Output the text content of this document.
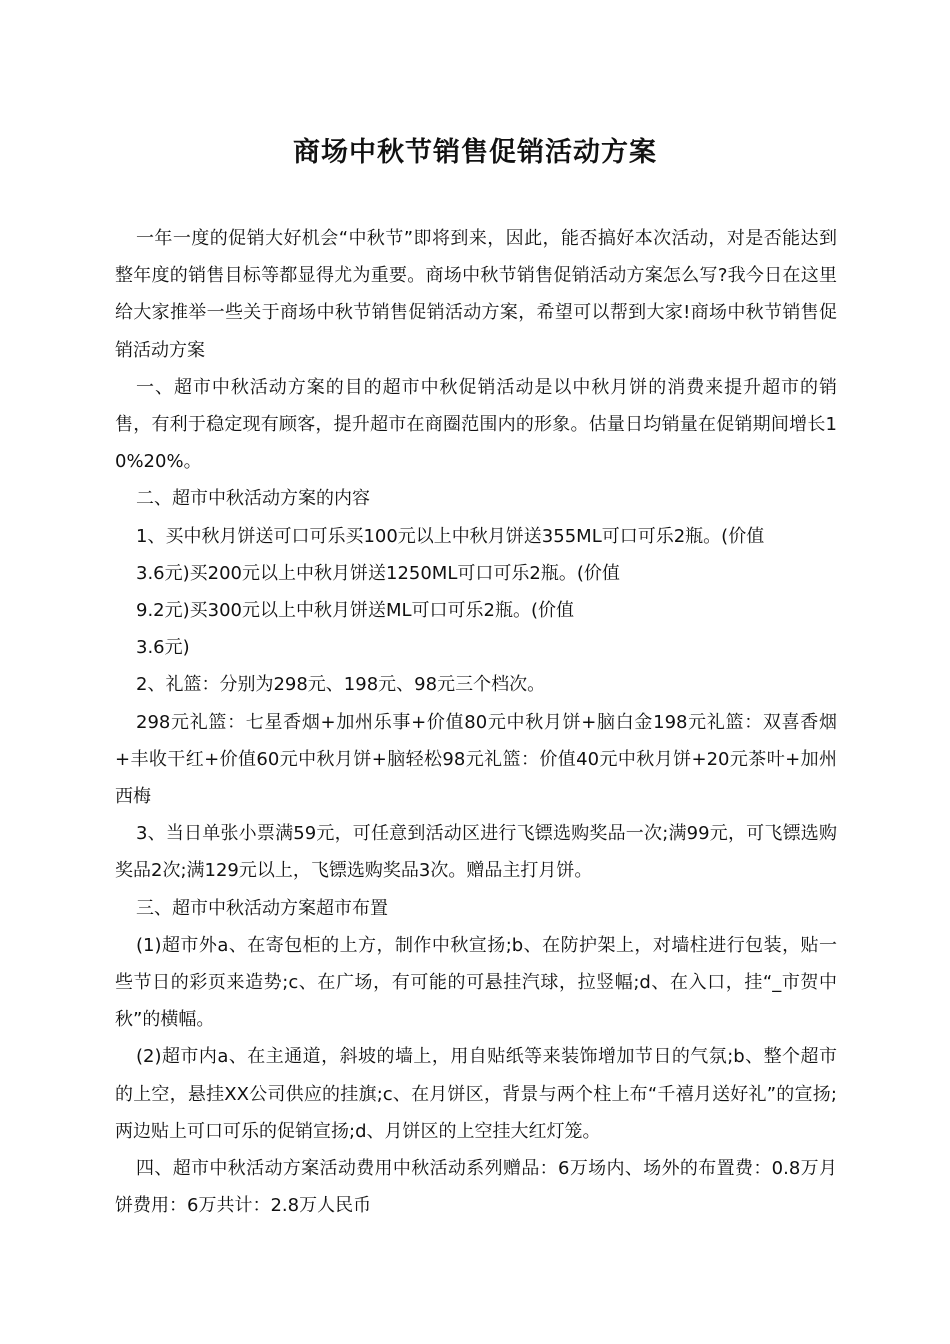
商场中秋节销售促销活动方案

一年一度的促销大好机会“中秋节”即将到来，因此，能否搞好本次活动，对是否能达到整年度的销售目标等都显得尤为重要。商场中秋节销售促销活动方案怎么写?我今日在这里给大家推举一些关于商场中秋节销售促销活动方案，希望可以帮到大家!商场中秋节销售促销活动方案

一、超市中秋活动方案的目的超市中秋促销活动是以中秋月饼的消费来提升超市的销售，有利于稳定现有顾客，提升超市在商圈范围内的形象。估量日均销量在促销期间增长10%20%。

二、超市中秋活动方案的内容

1、买中秋月饼送可口可乐买100元以上中秋月饼送355ML可口可乐2瓶。(价值

3.6元)买200元以上中秋月饼送1250ML可口可乐2瓶。(价值

9.2元)买300元以上中秋月饼送ML可口可乐2瓶。(价值

3.6元)

2、礼篮：分别为298元、198元、98元三个档次。

298元礼篮：七星香烟+加州乐事+价值80元中秋月饼+脑白金198元礼篮：双喜香烟+丰收干红+价值60元中秋月饼+脑轻松98元礼篮：价值40元中秋月饼+20元茶叶+加州西梅

3、当日单张小票满59元，可任意到活动区进行飞镖选购奖品一次;满99元，可飞镖选购奖品2次;满129元以上，飞镖选购奖品3次。赠品主打月饼。

三、超市中秋活动方案超市布置

(1)超市外a、在寄包柜的上方，制作中秋宣扬;b、在防护架上，对墙柱进行包装，贴一些节日的彩页来造势;c、在广场，有可能的可悬挂汽球，拉竖幅;d、在入口，挂“_市贺中秋”的横幅。

(2)超市内a、在主通道，斜坡的墙上，用自贴纸等来装饰增加节日的气氛;b、整个超市的上空，悬挂XX公司供应的挂旗;c、在月饼区，背景与两个柱上布“千禧月送好礼”的宣扬;两边贴上可口可乐的促销宣扬;d、月饼区的上空挂大红灯笼。

四、超市中秋活动方案活动费用中秋活动系列赠品：6万场内、场外的布置费：0.8万月饼费用：6万共计：2.8万人民币
